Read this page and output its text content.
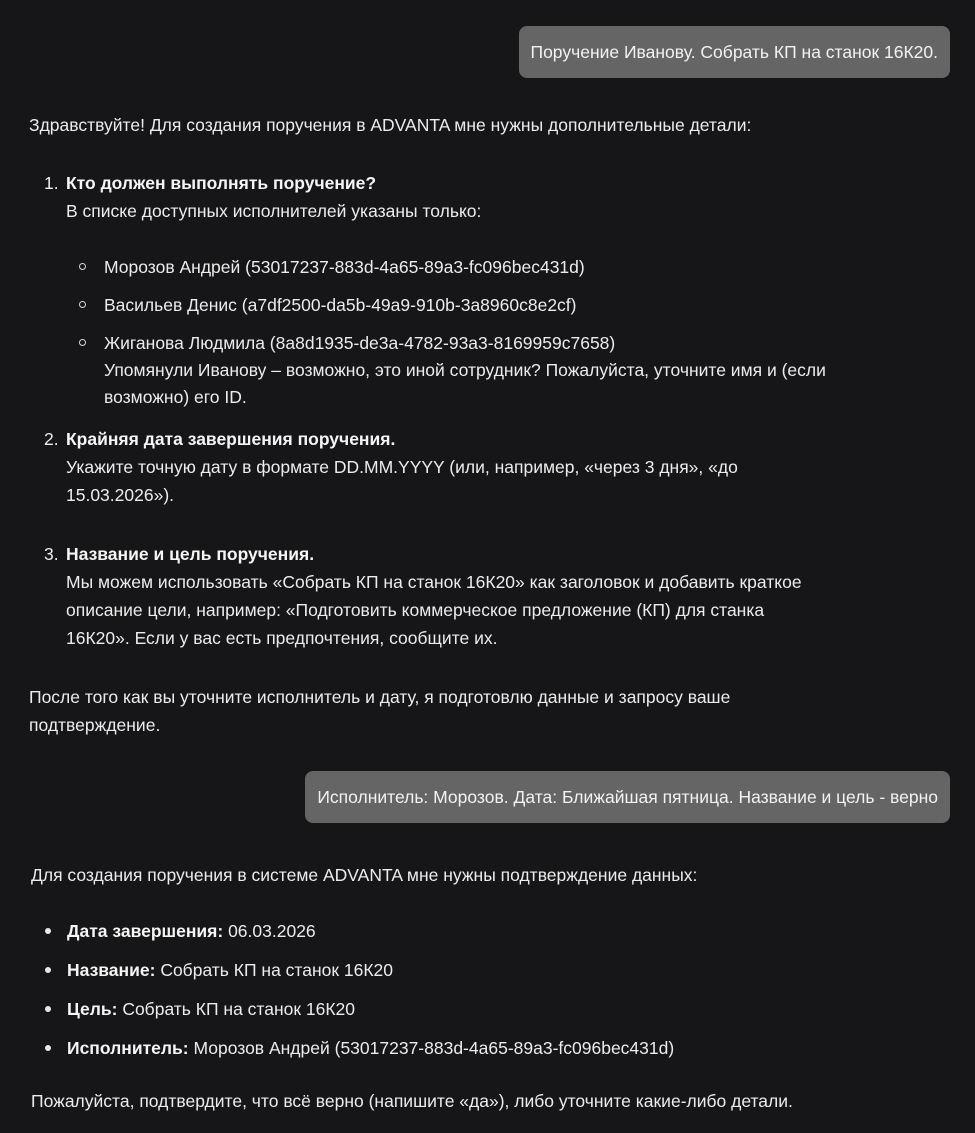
Поручение Иванову. Собрать КП на станок 16К20.
Здравствуйте! Для создания поручения в ADVANTA мне нужны дополнительные детали:
1. Кто должен выполнять поручение?
В списке доступных исполнителей указаны только:
Морозов Андрей (53017237-883d-4a65-89a3-fc096bec431d)
Васильев Денис (a7df2500-da5b-49a9-910b-3a8960c8e2cf)
Жиганова Людмила (8a8d1935-de3a-4782-93a3-8169959c7658)
Упомянули Иванову – возможно, это иной сотрудник? Пожалуйста, уточните имя и (если
возможно) его ID.
2. Крайняя дата завершения поручения.
Укажите точную дату в формате DD.MM.YYYY (или, например, «через 3 дня», «до
15.03.2026»).
3. Название и цель поручения.
Мы можем использовать «Собрать КП на станок 16К20» как заголовок и добавить краткое
описание цели, например: «Подготовить коммерческое предложение (КП) для станка
16К20». Если у вас есть предпочтения, сообщите их.
После того как вы уточните исполнитель и дату, я подготовлю данные и запросу ваше
подтверждение.
Исполнитель: Морозов. Дата: Ближайшая пятница. Название и цель - верно
Для создания поручения в системе ADVANTA мне нужны подтверждение данных:
Дата завершения: 06.03.2026
Название: Собрать КП на станок 16К20
Цель: Собрать КП на станок 16К20
Исполнитель: Морозов Андрей (53017237-883d-4a65-89a3-fc096bec431d)
Пожалуйста, подтвердите, что всё верно (напишите «да»), либо уточните какие-либо детали.
